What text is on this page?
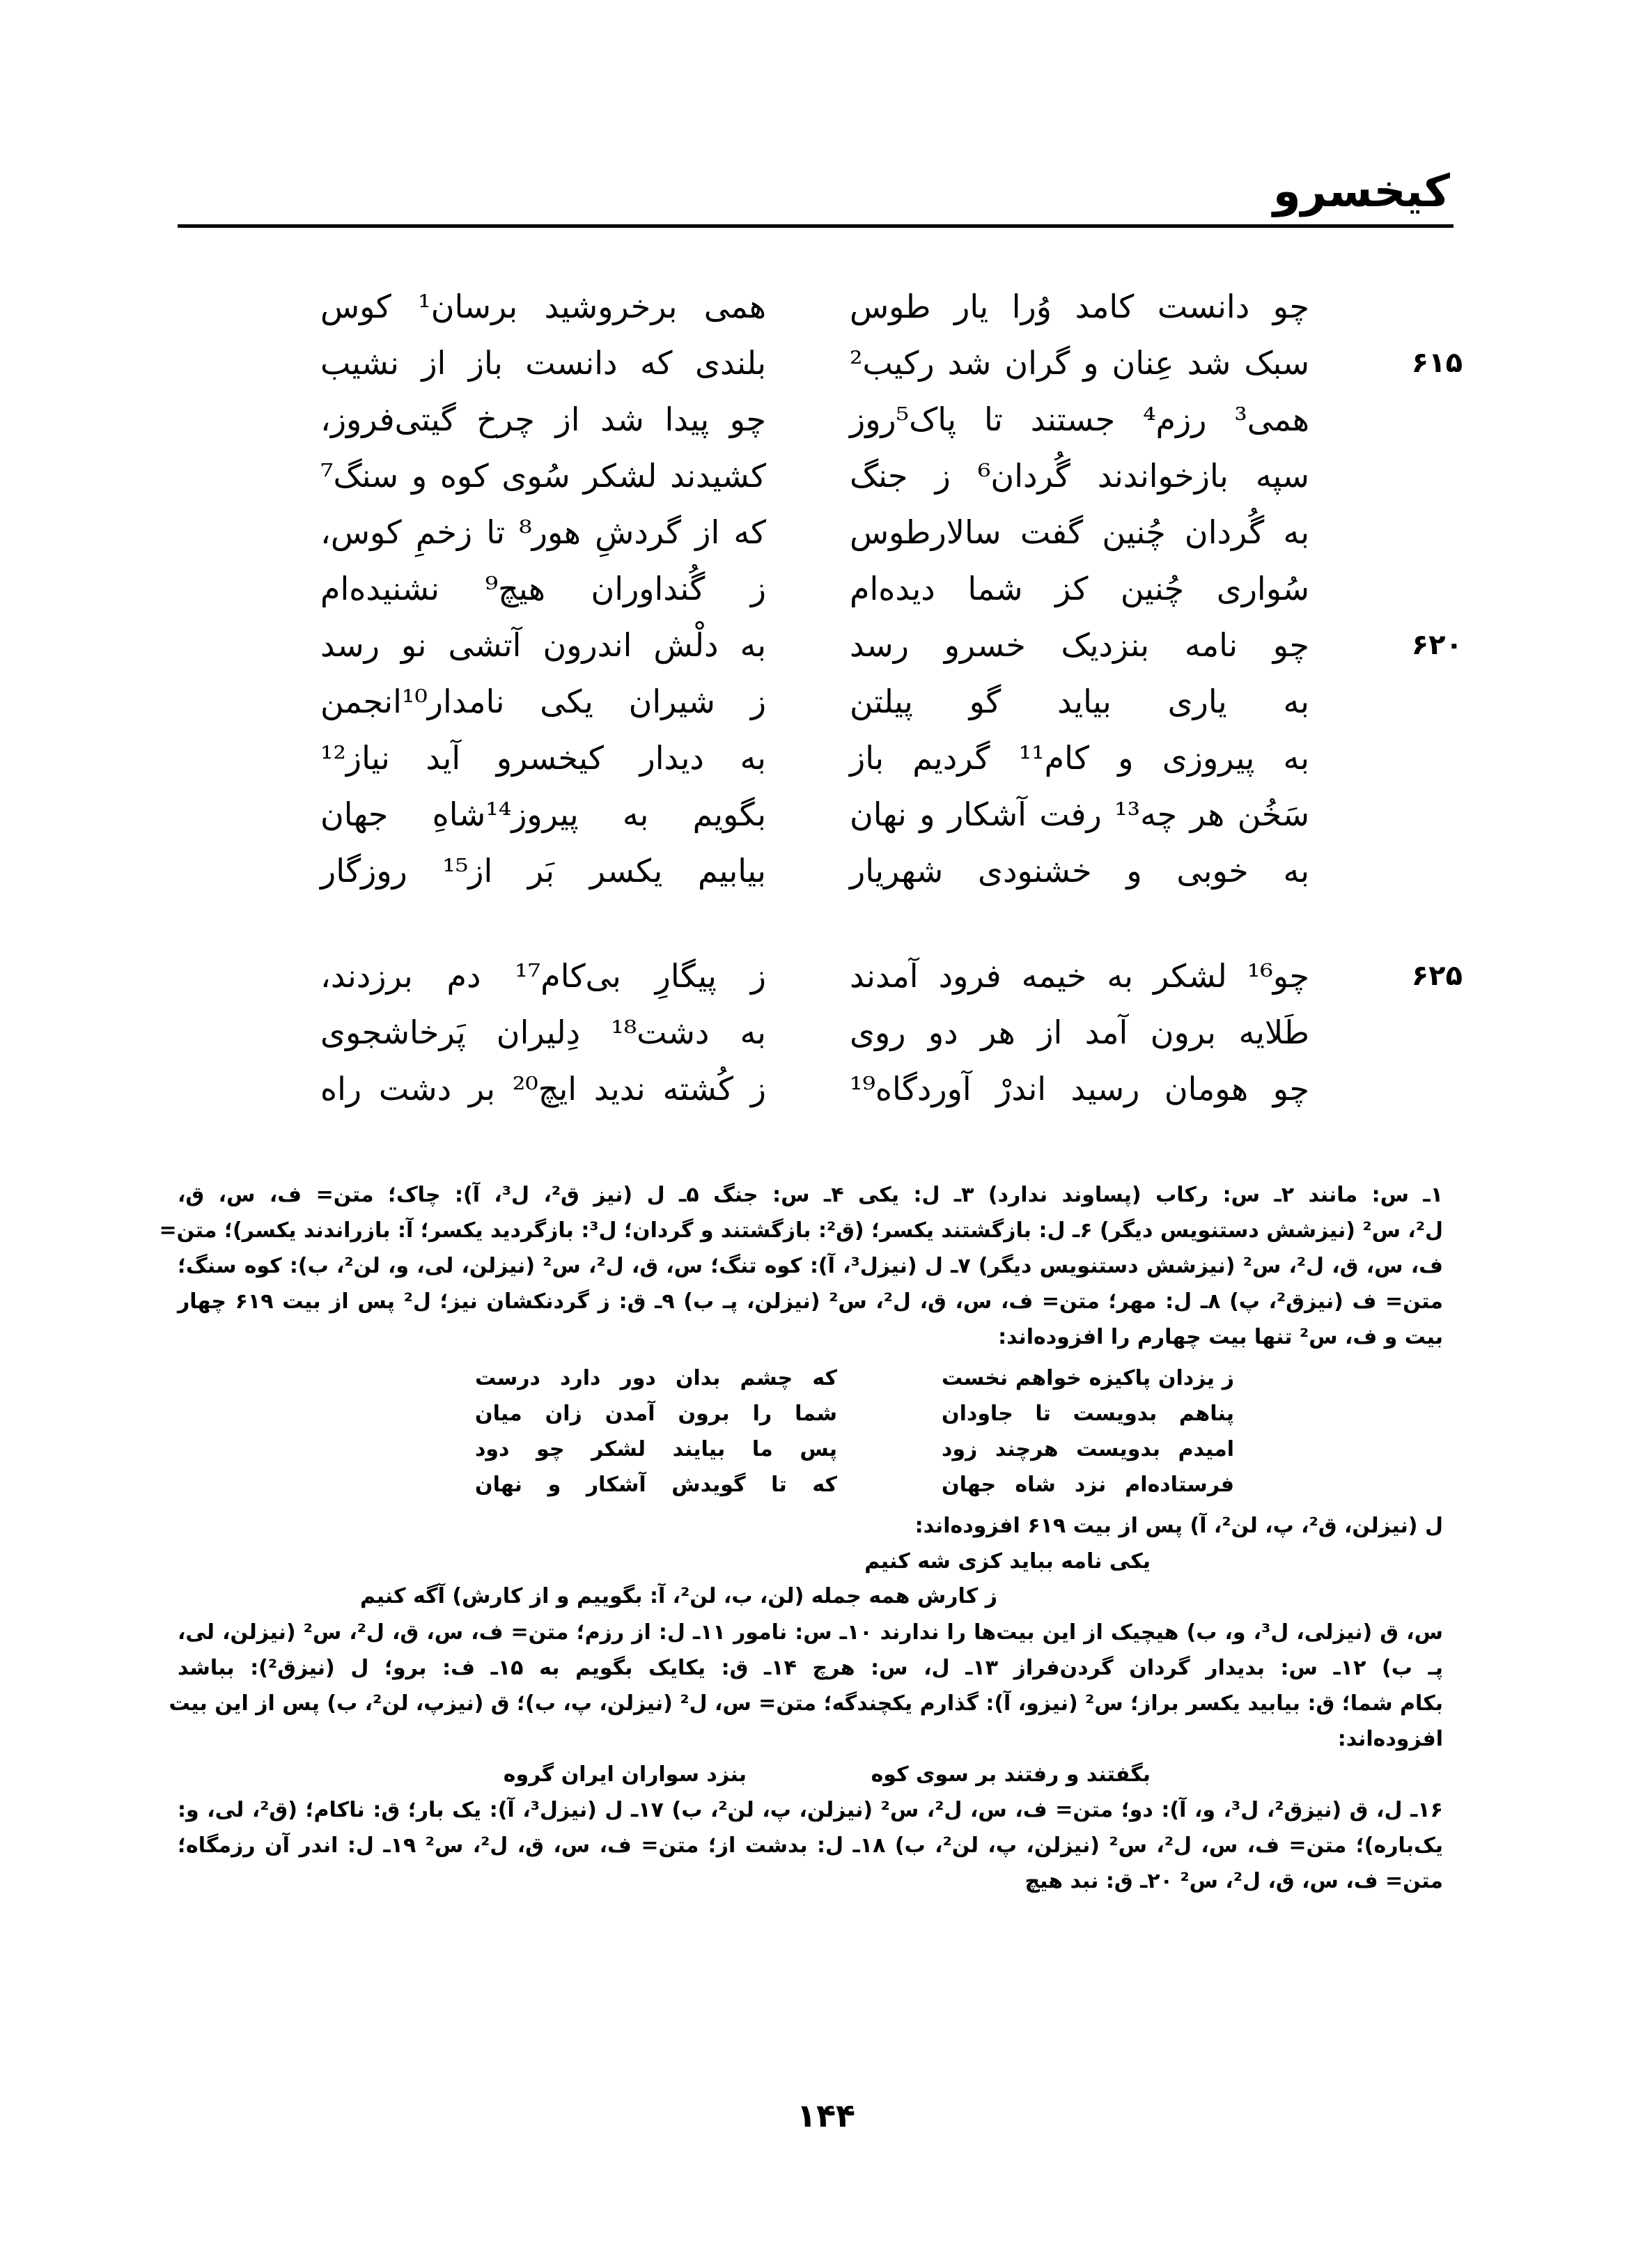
کیخسرو
چو دانست کامد وُرا یار طوس
همی برخروشید برسان¹ کوس
۶۱۵
سبک شد عِنان و گران شد رکیب²
بلندی که دانست باز از نشیب
همی³ رزم⁴ جستند تا پاک⁵روز
چو پیدا شد از چرخ گیتی‌فروز،
سپه بازخواندند گُردان⁶ ز جنگ
کشیدند لشکر سُوی کوه و سنگ⁷
به گُردان چُنین گفت سالارطوس
که از گردشِ هور⁸ تا زخمِ کوس،
سُواری چُنین کز شما دیده‌ام
ز گُنداوران هیچ⁹ نشنیده‌ام
۶۲۰
چو نامه بنزدیک خسرو رسد
به دلْش اندرون آتشی نو رسد
به یاری بیاید گو پیلتن
ز شیران یکی نامدار¹⁰انجمن
به پیروزی و کام¹¹ گردیم باز
به دیدار کیخسرو آید نیاز¹²
سَخُن هر چه¹³ رفت آشکار و نهان
بگویم به پیروز¹⁴شاهِ جهان
به خوبی و خشنودی شهریار
بیابیم یکسر بَر از¹⁵ روزگار
۶۲۵
چو¹⁶ لشکر به خیمه فرود آمدند
ز پیگارِ بی‌کام¹⁷ دم برزدند،
طَلایه برون آمد از هر دو روی
به دشت¹⁸ دِلیران پَرخاشجوی
چو هومان رسید اندرْ آوردگاه¹⁹
ز کُشته ندید ایچ²⁰ بر دشت راه
۱ـ س: مانند ۲ـ س: رکاب (پساوند ندارد) ۳ـ ل: یکی ۴ـ س: جنگ ۵ـ ل (نیز ق²، ل³، آ): چاک؛ متن= ف، س، ق،
ل²، س² (نیزشش دستنویس دیگر) ۶ـ ل: بازگشتند یکسر؛ (ق²: بازگشتند و گردان؛ ل³: بازگردید یکسر؛ آ: بازراندند یکسر)؛ متن=
ف، س، ق، ل²، س² (نیزشش دستنویس دیگر) ۷ـ ل (نیزل³، آ): کوه تنگ؛ س، ق، ل²، س² (نیزلن، لی، و، لن²، ب): کوه سنگ؛
متن= ف (نیزق²، پ) ۸ـ ل: مهر؛ متن= ف، س، ق، ل²، س² (نیزلن، پـ ب) ۹ـ ق: ز گردنکشان نیز؛ ل² پس از بیت ۶۱۹ چهار
بیت و ف، س² تنها بیت چهارم را افزوده‌اند:
ز یزدان پاکیزه خواهم نخست
که چشم بدان دور دارد درست
پناهم بدویست تا جاودان
شما را برون آمدن زان میان
امیدم بدویست هرچند زود
پس ما بیایند لشکر چو دود
فرستاده‌ام نزد شاه جهان
که تا گویدش آشکار و نهان
ل (نیزلن، ق²، پ، لن²، آ) پس از بیت ۶۱۹ افزوده‌اند:
یکی نامه بباید کزی شه کنیم
ز کارش همه جمله (لن، ب، لن²، آ: بگوییم و از کارش) آگه کنیم
س، ق (نیزلی، ل³، و، ب) هیچیک از این بیت‌ها را ندارند ۱۰ـ س: نامور ۱۱ـ ل: از رزم؛ متن= ف، س، ق، ل²، س² (نیزلن، لی،
پـ ب) ۱۲ـ س: بدیدار گردان گردن‌فراز ۱۳ـ ل، س: هرچ ۱۴ـ ق: یکایک بگویم به ۱۵ـ ف: برو؛ ل (نیزق²): بباشد
بکام شما؛ ق: بیابید یکسر براز؛ س² (نیزو، آ): گذارم یکچندگه؛ متن= س، ل² (نیزلن، پ، ب)؛ ق (نیزپ، لن²، ب) پس از این بیت
افزوده‌اند:
بگفتند و رفتند بر سوی کوه
بنزد سواران ایران گروه
۱۶ـ ل، ق (نیزق²، ل³، و، آ): دو؛ متن= ف، س، ل²، س² (نیزلن، پ، لن²، ب) ۱۷ـ ل (نیزل³، آ): یک بار؛ ق: ناکام؛ (ق²، لی، و:
یک‌باره)؛ متن= ف، س، ل²، س² (نیزلن، پ، لن²، ب) ۱۸ـ ل: بدشت از؛ متن= ف، س، ق، ل²، س² ۱۹ـ ل: اندر آن رزمگاه؛
متن= ف، س، ق، ل²، س² ۲۰ـ ق: نبد هیچ
۱۴۴
